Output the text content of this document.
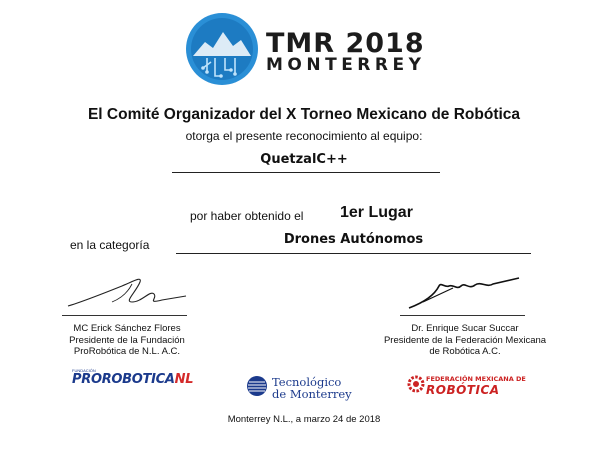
TMR 2018
MONTERREY
El Comité Organizador del X Torneo Mexicano de Robótica
otorga el presente reconocimiento al equipo:
QuetzalC++
por haber obtenido el 1er Lugar
en la categoría	Drones Autónomos
MC Erick Sánchez Flores
Presidente de la Fundación
ProRobótica de N.L. A.C.
Dr. Enrique Sucar Succar
Presidente de la Federación Mexicana
de Robótica A.C.
FUNDACIÓN
PROROBOTICANL	Tecnológico
de Monterrey
FEDERACIÓN MEXICANA DE
ROBÓTICA
Monterrey N.L., a marzo 24 de 2018
